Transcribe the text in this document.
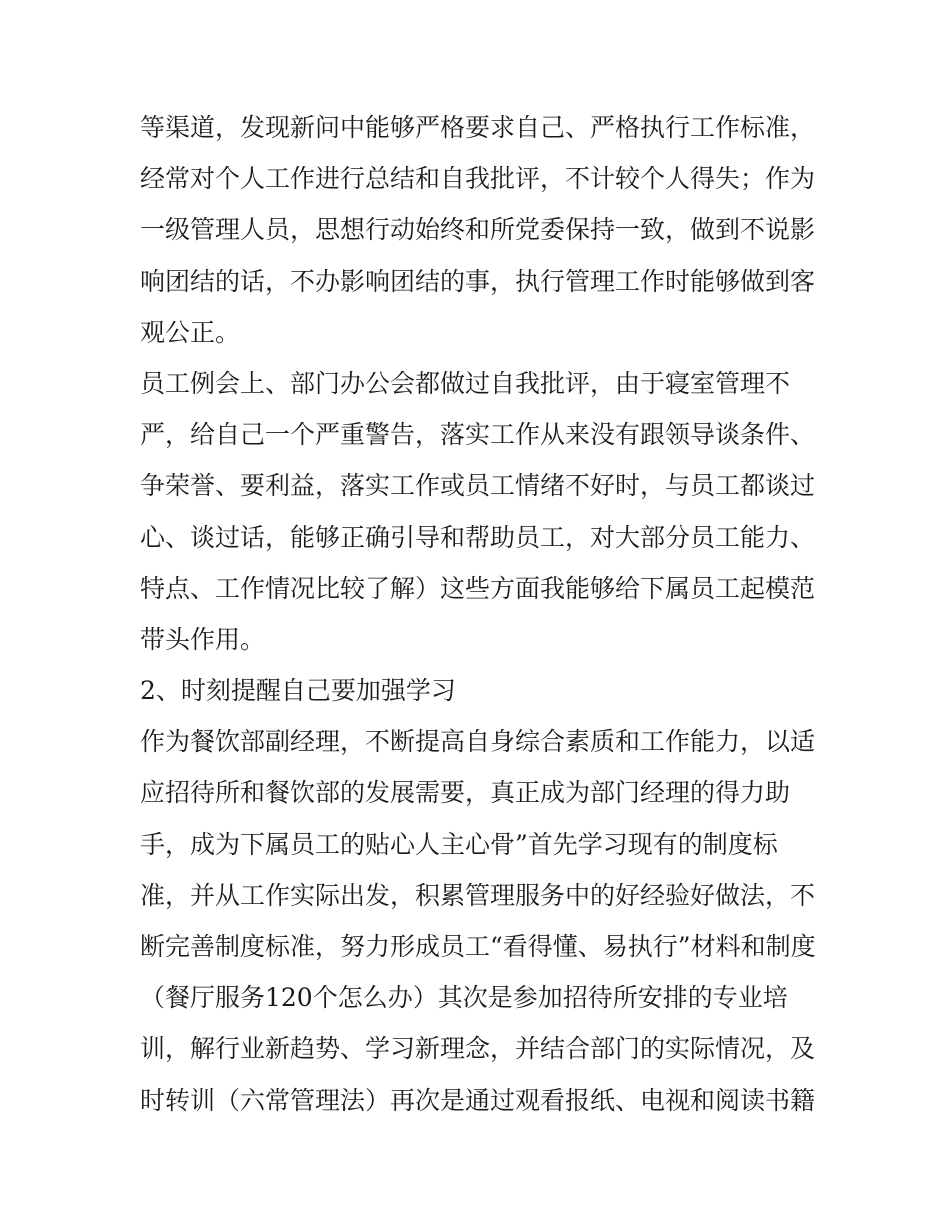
等渠道，发现新问中能够严格要求自己、严格执行工作标准，
经常对个人工作进行总结和自我批评，不计较个人得失；作为
一级管理人员，思想行动始终和所党委保持一致，做到不说影
响团结的话，不办影响团结的事，执行管理工作时能够做到客
观公正。
员工例会上、部门办公会都做过自我批评，由于寝室管理不
严，给自己一个严重警告，落实工作从来没有跟领导谈条件、
争荣誉、要利益，落实工作或员工情绪不好时，与员工都谈过
心、谈过话，能够正确引导和帮助员工，对大部分员工能力、
特点、工作情况比较了解）这些方面我能够给下属员工起模范
带头作用。
2、时刻提醒自己要加强学习
作为餐饮部副经理，不断提高自身综合素质和工作能力，以适
应招待所和餐饮部的发展需要，真正成为部门经理的得力助
手，成为下属员工的贴心人主心骨”首先学习现有的制度标
准，并从工作实际出发，积累管理服务中的好经验好做法，不
断完善制度标准，努力形成员工“看得懂、易执行”材料和制度
（餐厅服务120个怎么办）其次是参加招待所安排的专业培
训，解行业新趋势、学习新理念，并结合部门的实际情况，及
时转训（六常管理法）再次是通过观看报纸、电视和阅读书籍
